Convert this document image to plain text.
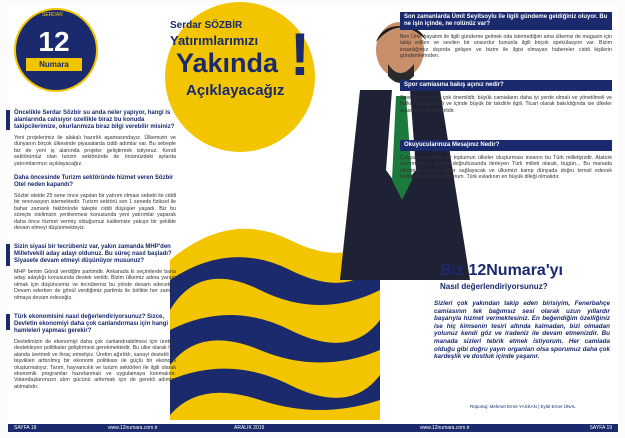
SERDAR
12
Numara
Serdar SÖZBİR
Yatırımlarımızı
Yakında
Açıklayacağız
!
Öncelikle Serdar Sözbir su anda neler yapıyor, hangi is alanlarında calısıyor ozellikle biraz bu konuda takipcilerimize, okurlarımıza biraz bilgi verebilir misiniz?
Yeni projelerimiz ile alakalı hazırlık aşamasındayız. Ülkemizin ve dünyanın birçok ülkesinde piyasalarda ciddi adımlar var. Bu sebeple biz de yeni iş alanında projeler geliştirmek istiyoruz. Kendi sektörümüz olan turizm sektöründe de önümüzdeki aylarda yatırımlarımızı açıklayacağız.
Daha öncesinde Turizm sektöründe hizmet veren Sözbir Otel neden kapandı?
Sözbir otelde 25 sene önce yapılan bir yatırım olması sebebi ile ciddi bir renovasyon istemektedir. Turizm sektörü son 1 senede fiziksel ile bahar zamanlı faktöründe talepte ciddi düşüşler yaşadı. Biz bu süreçte otelimizin yenilenmesi konusunda yeni yatırımlar yaparak daha önce hizmet vermiş olduğumuz kalitemize yakışır bir şekilde devam etmeyi düşünmekteyiz.
Sizin siyasi bir tecrübeniz var, yakın zamanda MHP'den Milletvekili aday adayı oldunuz. Bu süreç nasıl başladı? Siyasete devam etmeyi düşünüyor musunuz?
MHP benim Gönül verdiğim partimdir. Ankarada ki seçimlerde bana aday adaylığı konusunda destek verildi. Bizim ülkemiz adına yararlı olmak için düşüncemiz ve tecrübemiz bu yönde devam edecektir. Devam ederken de gönül verdiğimiz partimiz ile birlikte her zaman olmaya devam edeceğiz.
Türk ekonomisini nasıl değerlendiriyorsunuz? Sizce, Devletin ekonomiyi daha çok canlandırması için hangi hamleleri yapması gerekir?
Devletimizin de ekonomiyi daha çok canlandırabilmesi için üretimi destekleyen politikalar geliştirmesi gerekmektedir. Bu ülke olarak her alanda üretmeli ve ihraç etmeliyiz. Üretim ağırlıklı, sanayi destekli ve teşvikleri arttırılmış bir ekonomi politikası ile güçlü bir ekonomi oluşturmalıyız. Tarım, hayvancılık ve turizm sektörleri ile ilgili olarak ekonomik programlar hazırlanmalı ve uygulamaya konmalıdır. Vatandaşlarımızın alım gücünü arttırmak için de gerekli adımlar atılmalıdır.
Son zamanlarda Ümit Seyitsoylu ile ilgili gündeme geldiğiniz oluyor. Bu ne işin içinde, ne rolünüz var?
Ben Ümit hayatım ile ilgili gündeme gelmek oda istemediğim ama ülkemiz de magazin için takip edilen ve sevilen bir unsurdur bununla ilgili birçok spekülasyon var. Bizim insanlığımız dışında gelişen ve bizim ile ilgisi olmayan habereler ciddi kişilerin gündemlerinden.
Spor camiasına bakış açınız nedir?
Spor ülkemiz için çok önemlidir, büyük camiaların daha iyi yerde olmalı ve yönetilmeli ve halkın kucaklamalı ve içinde büyük bir takdirle ilgili. Ticari olarak bakıldığında ise ülkeler arasında çok değerlidir.
Okuyucularınıza Mesajınız Nedir?
Çalışan ve üreten bir toplumun ülkeler oluşturması insanın bu Türk milletiyizdir. Atatürk devrimleri ve ilkeleri doğrultusunda ilerleyen Türk milleti olarak, bugün... Bu manada ülkemize katma değer sağlayacak ve ülkemizi kamp dünyada doğru temsil edecek herkese teşekkür ediyorum. Türk evladının en büyük dileği olmalıdır.
Biz 12Numara'yı
Nasıl değerlendiriyorsunuz?
Sizleri çok yakından takip eden birisiyim, Fenerbahçe camiasının tek bağımsız sesi olarak uzun yıllardır başarıyla hizmet vermektesiniz. En beğendiğim özelliğiniz ise hiç kimsenin tesiri altında kalmadan, bizi olmadan yolunuz kendi göz ve iradeniz ile devam etmenizdir. Bu manada sizleri tebrik etmek istiyorum. Her camiada olduğu gibi doğru yayın organları olsa sporumuz daha çok kardeşlik ve dostluk içinde yaşanır.
Röportaj: Mehmet Emre YASKAN | Eylül Erner ÜNAL
SAYFA 18	www.12numara.com.tr	ARALIK 2019	www.12numara.com.tr	SAYFA 19
